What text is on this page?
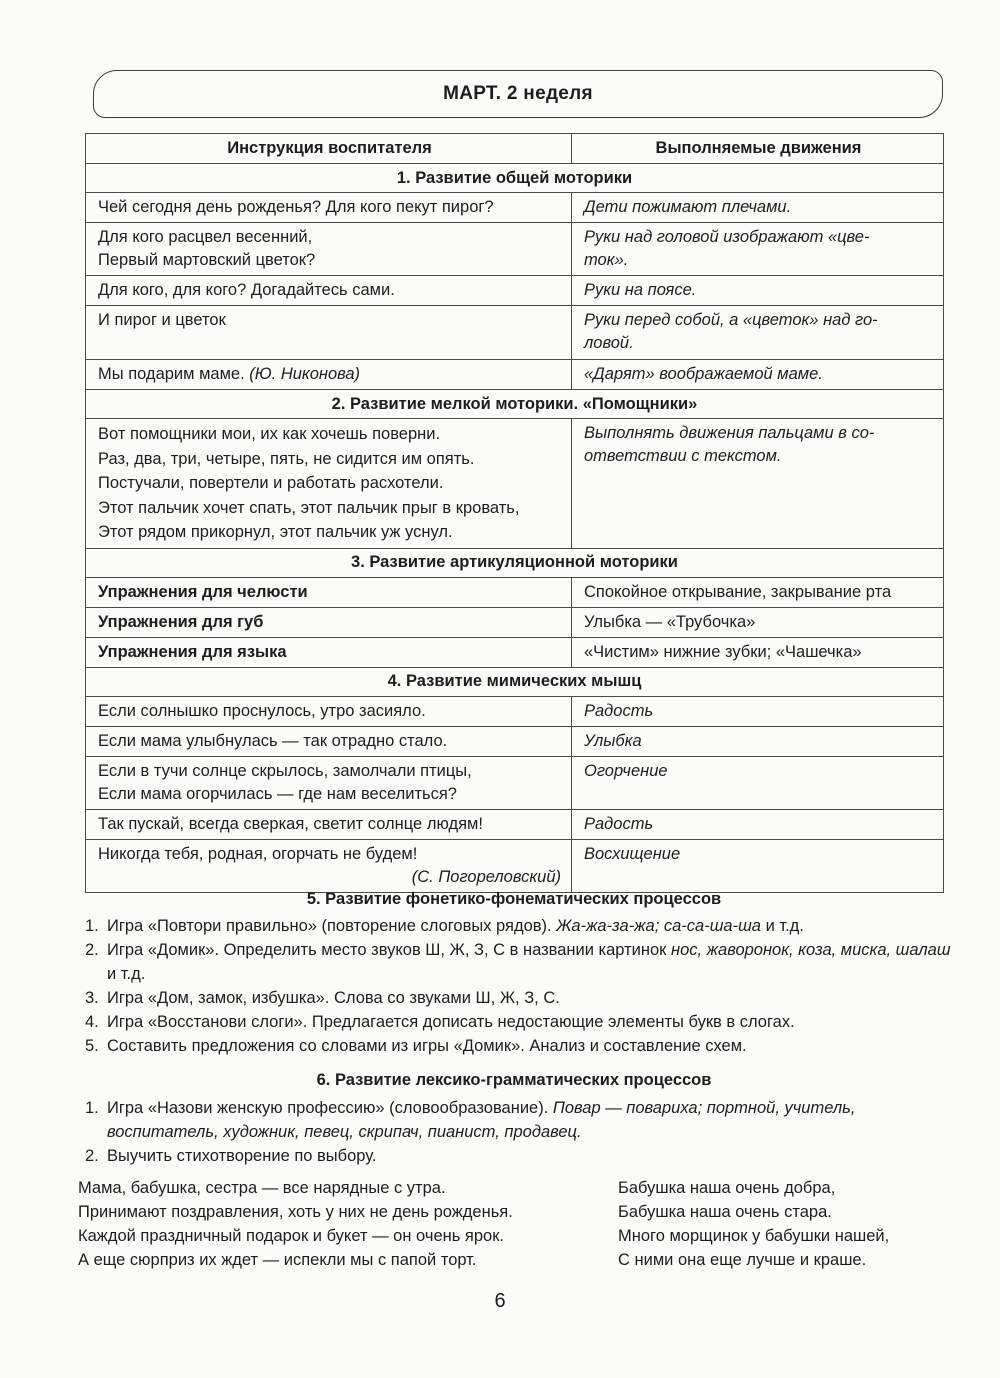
МАРТ. 2 неделя
Инструкция воспитателя	Выполняемые движения
1. Развитие общей моторики	
Чей сегодня день рожденья? Для кого пекут пирог?	Дети пожимают плечами.
Для кого расцвел весенний,
Первый мартовский цветок?	Руки над головой изображают «цве-
ток».
Для кого, для кого? Догадайтесь сами.	Руки на поясе.
И пирог и цветок	Руки перед собой, а «цветок» над го-
ловой.
Мы подарим маме. (Ю. Никонова)	«Дарят» воображаемой маме.
2. Развитие мелкой моторики. «Помощники»	
Вот помощники мои, их как хочешь поверни.
Раз, два, три, четыре, пять, не сидится им опять.
Постучали, повертели и работать расхотели.
Этот пальчик хочет спать, этот пальчик прыг в кровать,
Этот рядом прикорнул, этот пальчик уж уснул.	Выполнять движения пальцами в со-
ответствии с текстом.
3. Развитие артикуляционной моторики	
Упражнения для челюсти	Спокойное открывание, закрывание рта
Упражнения для губ	Улыбка — «Трубочка»
Упражнения для языка	«Чистим» нижние зубки; «Чашечка»
4. Развитие мимических мышц	
Если солнышко проснулось, утро засияло.	Радость
Если мама улыбнулась — так отрадно стало.	Улыбка
Если в тучи солнце скрылось, замолчали птицы,
Если мама огорчилась — где нам веселиться?	Огорчение
Так пускай, всегда сверкая, светит солнце людям!	Радость
Никогда тебя, родная, огорчать не будем!
(С. Погореловский)	Восхищение
5. Развитие фонетико-фонематических процессов
1. Игра «Повтори правильно» (повторение слоговых рядов). Жа-жа-за-жа; са-са-ша-ша и т.д.
2. Игра «Домик». Определить место звуков Ш, Ж, З, С в названии картинок нос, жаворонок, коза, миска, шалаш и т.д.
3. Игра «Дом, замок, избушка». Слова со звуками Ш, Ж, З, С.
4. Игра «Восстанови слоги». Предлагается дописать недостающие элементы букв в слогах.
5. Составить предложения со словами из игры «Домик». Анализ и составление схем.
6. Развитие лексико-грамматических процессов
1. Игра «Назови женскую профессию» (словообразование). Повар — повариха; портной, учитель, воспитатель, художник, певец, скрипач, пианист, продавец.
2. Выучить стихотворение по выбору.
Мама, бабушка, сестра — все нарядные с утра.
Принимают поздравления, хоть у них не день рожденья.
Каждой праздничный подарок и букет — он очень ярок.
А еще сюрприз их ждет — испекли мы с папой торт.
Бабушка наша очень добра,
Бабушка наша очень стара.
Много морщинок у бабушки нашей,
С ними она еще лучше и краше.
6
